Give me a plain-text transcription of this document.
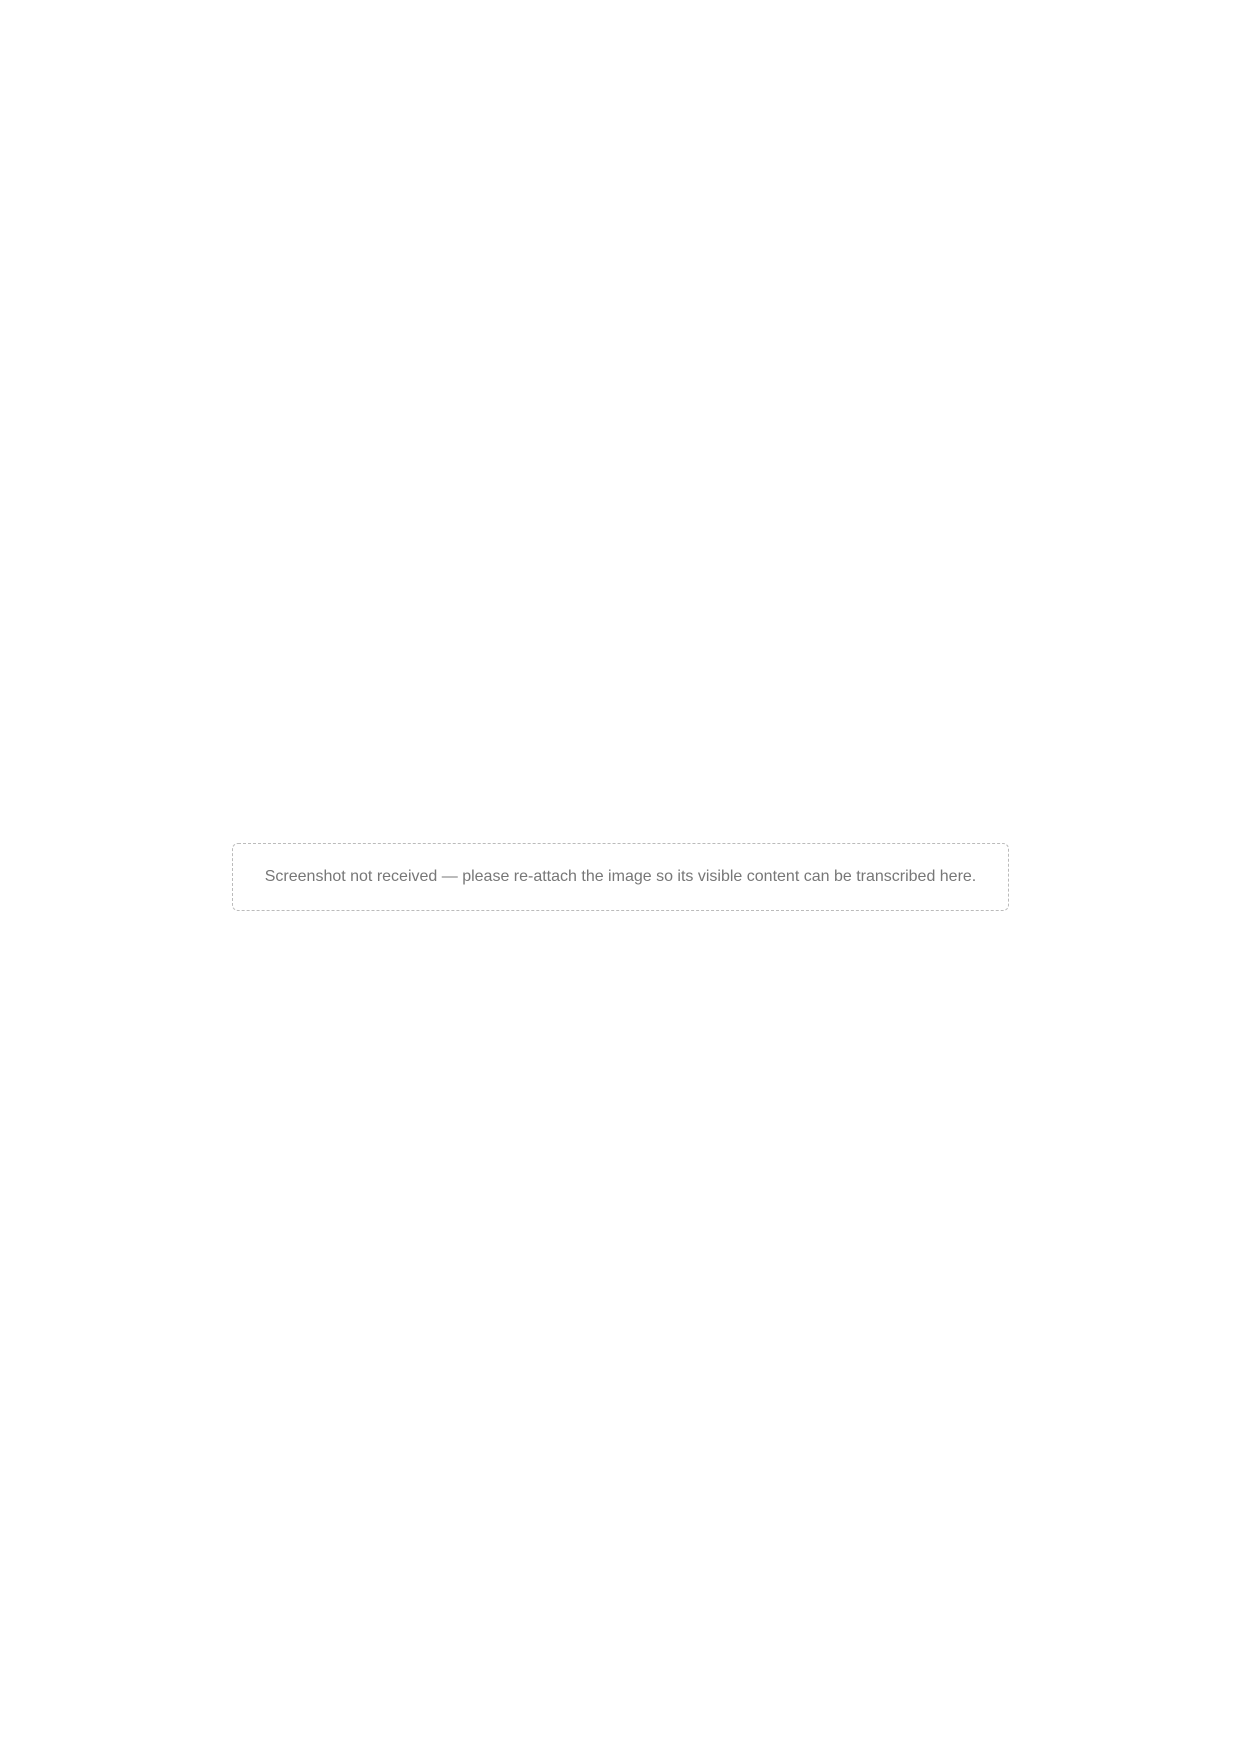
Screenshot not received — please re-attach the image so its visible content can be transcribed here.
